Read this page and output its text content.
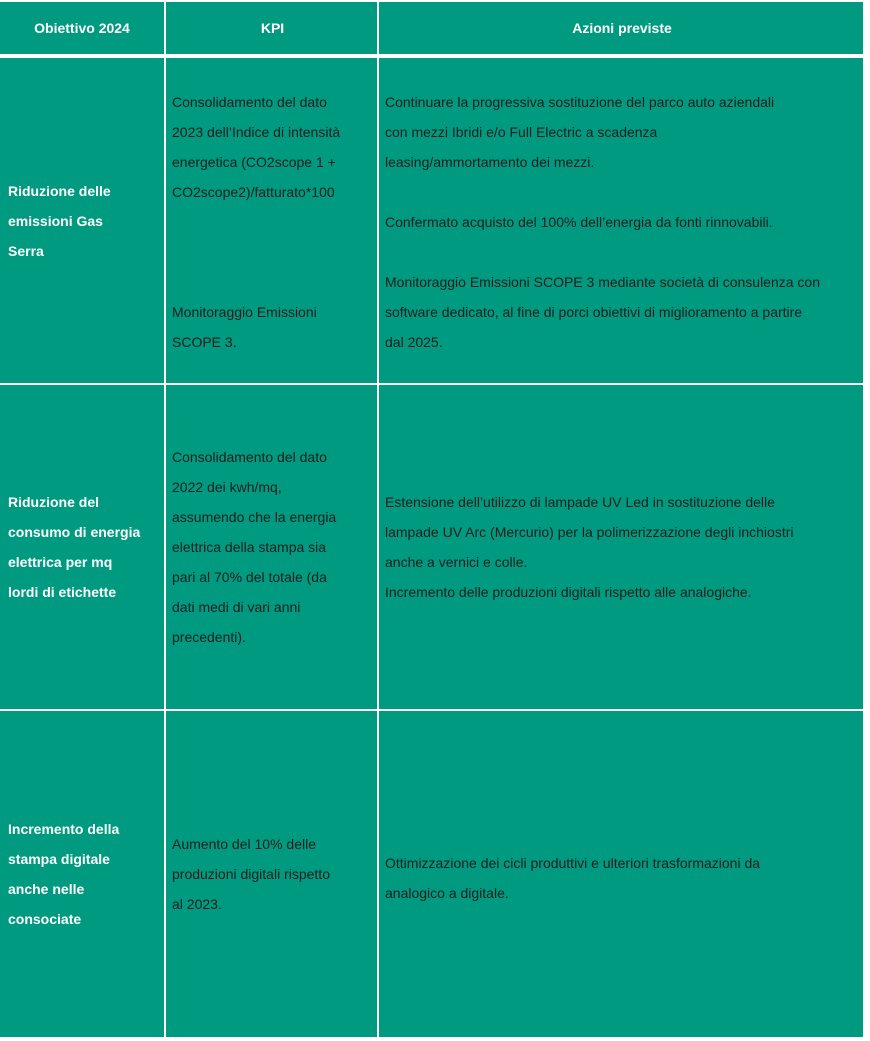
Obiettivo 2024	KPI	Azioni previste
Riduzione delle
emissioni Gas
Serra
Consolidamento del dato
2023 dell’Indice di intensità
energetica (CO2scope 1 +
CO2scope2)/fatturato*100
Monitoraggio Emissioni
SCOPE 3.
Continuare la progressiva sostituzione del parco auto aziendali
con mezzi Ibridi e/o Full Electric a scadenza
leasing/ammortamento dei mezzi.
Confermato acquisto del 100% dell’energia da fonti rinnovabili.
Monitoraggio Emissioni SCOPE 3 mediante società di consulenza con
software dedicato, al fine di porci obiettivi di miglioramento a partire
dal 2025.
Riduzione del
consumo di energia
elettrica per mq
lordi di etichette
Consolidamento del dato
2022 dei kwh/mq,
assumendo che la energia
elettrica della stampa sia
pari al 70% del totale (da
dati medi di vari anni
precedenti).
Estensione dell’utilizzo di lampade UV Led in sostituzione delle
lampade UV Arc (Mercurio) per la polimerizzazione degli inchiostri
anche a vernici e colle.
Incremento delle produzioni digitali rispetto alle analogiche.
Incremento della
stampa digitale
anche nelle
consociate
Aumento del 10% delle
produzioni digitali rispetto
al 2023.
Ottimizzazione dei cicli produttivi e ulteriori trasformazioni da
analogico a digitale.
